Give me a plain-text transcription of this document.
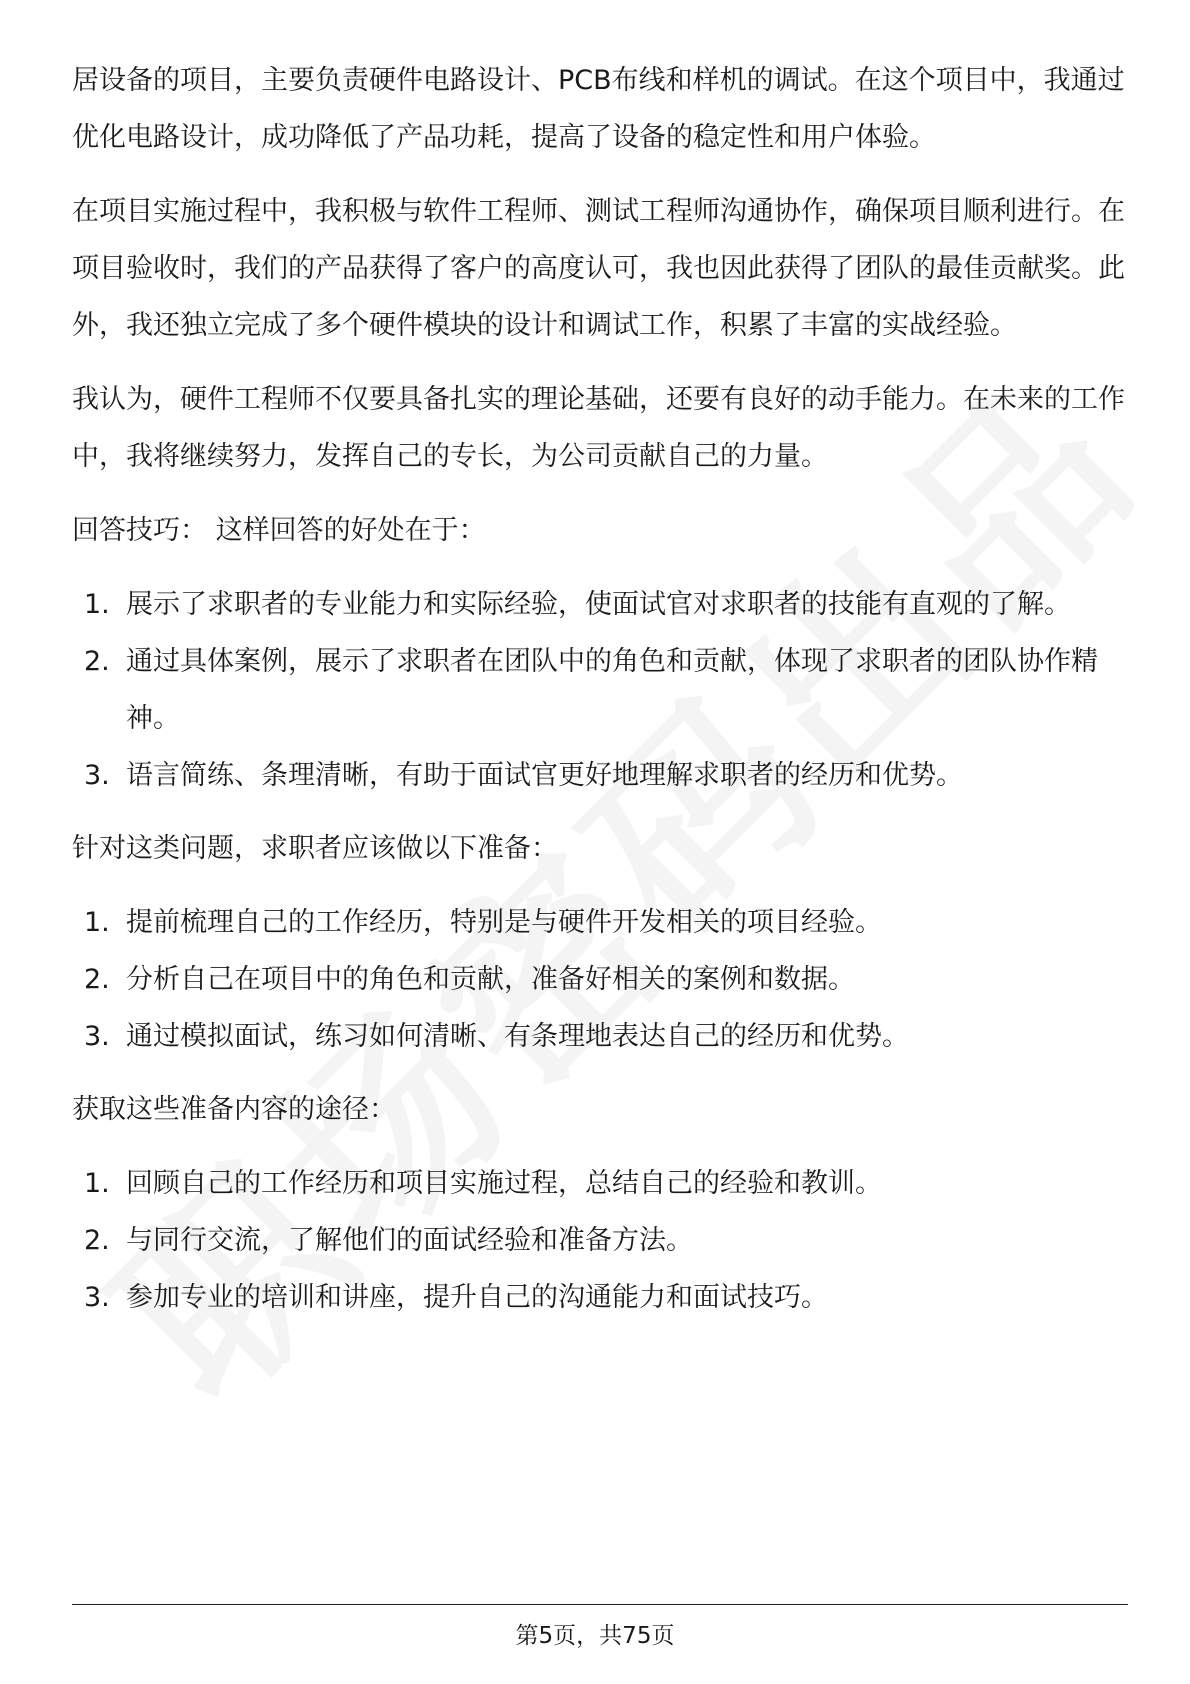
居设备的项目，主要负责硬件电路设计、PCB布线和样机的调试。在这个项目中，我通过优化电路设计，成功降低了产品功耗，提高了设备的稳定性和用户体验。

在项目实施过程中，我积极与软件工程师、测试工程师沟通协作，确保项目顺利进行。在项目验收时，我们的产品获得了客户的高度认可，我也因此获得了团队的最佳贡献奖。此外，我还独立完成了多个硬件模块的设计和调试工作，积累了丰富的实战经验。

我认为，硬件工程师不仅要具备扎实的理论基础，还要有良好的动手能力。在未来的工作中，我将继续努力，发挥自己的专长，为公司贡献自己的力量。

回答技巧： 这样回答的好处在于：

1. 展示了求职者的专业能力和实际经验，使面试官对求职者的技能有直观的了解。
2. 通过具体案例，展示了求职者在团队中的角色和贡献，体现了求职者的团队协作精神。
3. 语言简练、条理清晰，有助于面试官更好地理解求职者的经历和优势。

针对这类问题，求职者应该做以下准备：

1. 提前梳理自己的工作经历，特别是与硬件开发相关的项目经验。
2. 分析自己在项目中的角色和贡献，准备好相关的案例和数据。
3. 通过模拟面试，练习如何清晰、有条理地表达自己的经历和优势。

获取这些准备内容的途径：

1. 回顾自己的工作经历和项目实施过程，总结自己的经验和教训。
2. 与同行交流，了解他们的面试经验和准备方法。
3. 参加专业的培训和讲座，提升自己的沟通能力和面试技巧。
第5页，共75页
